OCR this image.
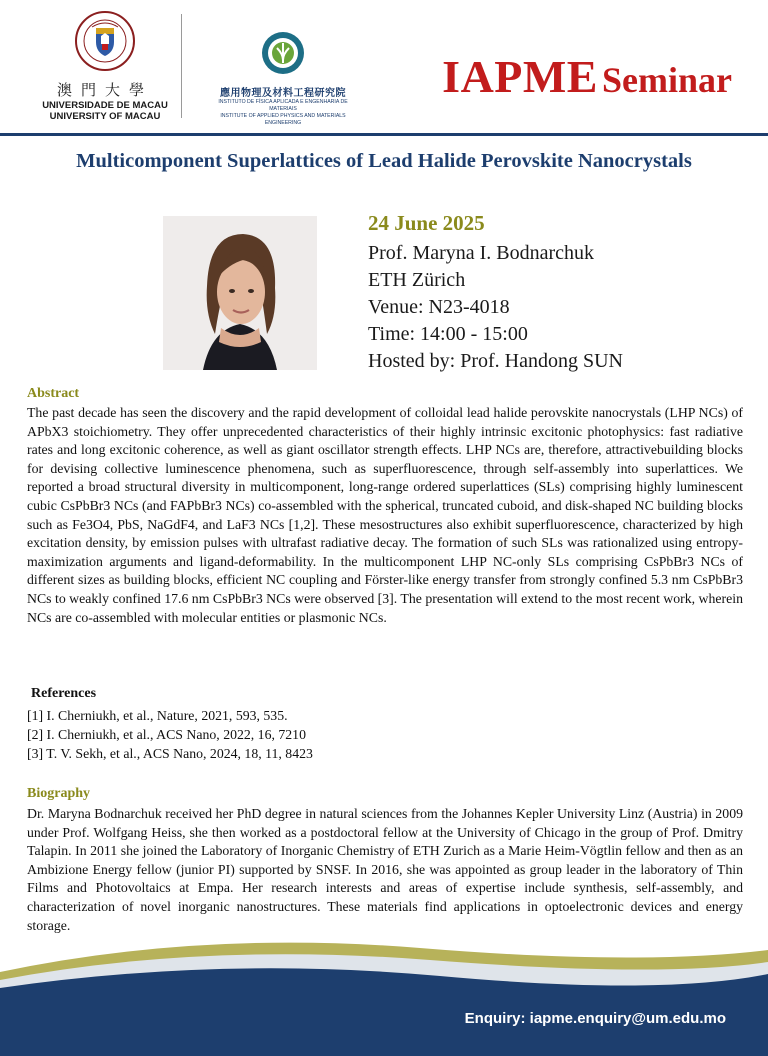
澳門大學
UNIVERSIDADE DE MACAU
UNIVERSITY OF MACAU
應用物理及材料工程研究院
INSTITUTO DE FÍSICA APLICADA E ENGENHARIA DE MATERIAIS
INSTITUTE OF APPLIED PHYSICS AND MATERIALS ENGINEERING
IAPME Seminar
Multicomponent Superlattices of Lead Halide Perovskite Nanocrystals
24 June 2025
Prof. Maryna I. Bodnarchuk
ETH Zürich
Venue: N23-4018
Time: 14:00 - 15:00
Hosted by: Prof. Handong SUN
Abstract
The past decade has seen the discovery and the rapid development of colloidal lead halide perovskite nanocrystals (LHP NCs) of APbX3 stoichiometry. They offer unprecedented characteristics of their highly intrinsic excitonic photophysics: fast radiative rates and long excitonic coherence, as well as giant oscillator strength effects. LHP NCs are, therefore, attractivebuilding blocks for devising collective luminescence phenomena, such as superfluorescence, through self-assembly into superlattices. We reported a broad structural diversity in multicomponent, long-range ordered superlattices (SLs) comprising highly luminescent cubic CsPbBr3 NCs (and FAPbBr3 NCs) co-assembled with the spherical, truncated cuboid, and disk-shaped NC building blocks such as Fe3O4, PbS, NaGdF4, and LaF3 NCs [1,2]. These mesostructures also exhibit superfluorescence, characterized by high excitation density, by emission pulses with ultrafast radiative decay. The formation of such SLs was rationalized using entropy-maximization arguments and ligand-deformability. In the multicomponent LHP NC-only SLs comprising CsPbBr3 NCs of different sizes as building blocks, efficient NC coupling and Förster-like energy transfer from strongly confined 5.3 nm CsPbBr3 NCs to weakly confined 17.6 nm CsPbBr3 NCs were observed [3]. The presentation will extend to the most recent work, wherein NCs are co-assembled with molecular entities or plasmonic NCs.
References
[1] I. Cherniukh, et al., Nature, 2021, 593, 535.
[2] I. Cherniukh, et al., ACS Nano, 2022, 16, 7210
[3] T. V. Sekh, et al., ACS Nano, 2024, 18, 11, 8423
Biography
Dr. Maryna Bodnarchuk received her PhD degree in natural sciences from the Johannes Kepler University Linz (Austria) in 2009 under Prof. Wolfgang Heiss, she then worked as a postdoctoral fellow at the University of Chicago in the group of Prof. Dmitry Talapin. In 2011 she joined the Laboratory of Inorganic Chemistry of ETH Zurich as a Marie Heim-Vögtlin fellow and then as an Ambizione Energy fellow (junior PI) supported by SNSF. In 2016, she was appointed as group leader in the laboratory of Thin Films and Photovoltaics at Empa. Her research interests and areas of expertise include synthesis, self-assembly, and characterization of novel inorganic nanostructures. These materials find applications in optoelectronic devices and energy storage.
Enquiry: iapme.enquiry@um.edu.mo
